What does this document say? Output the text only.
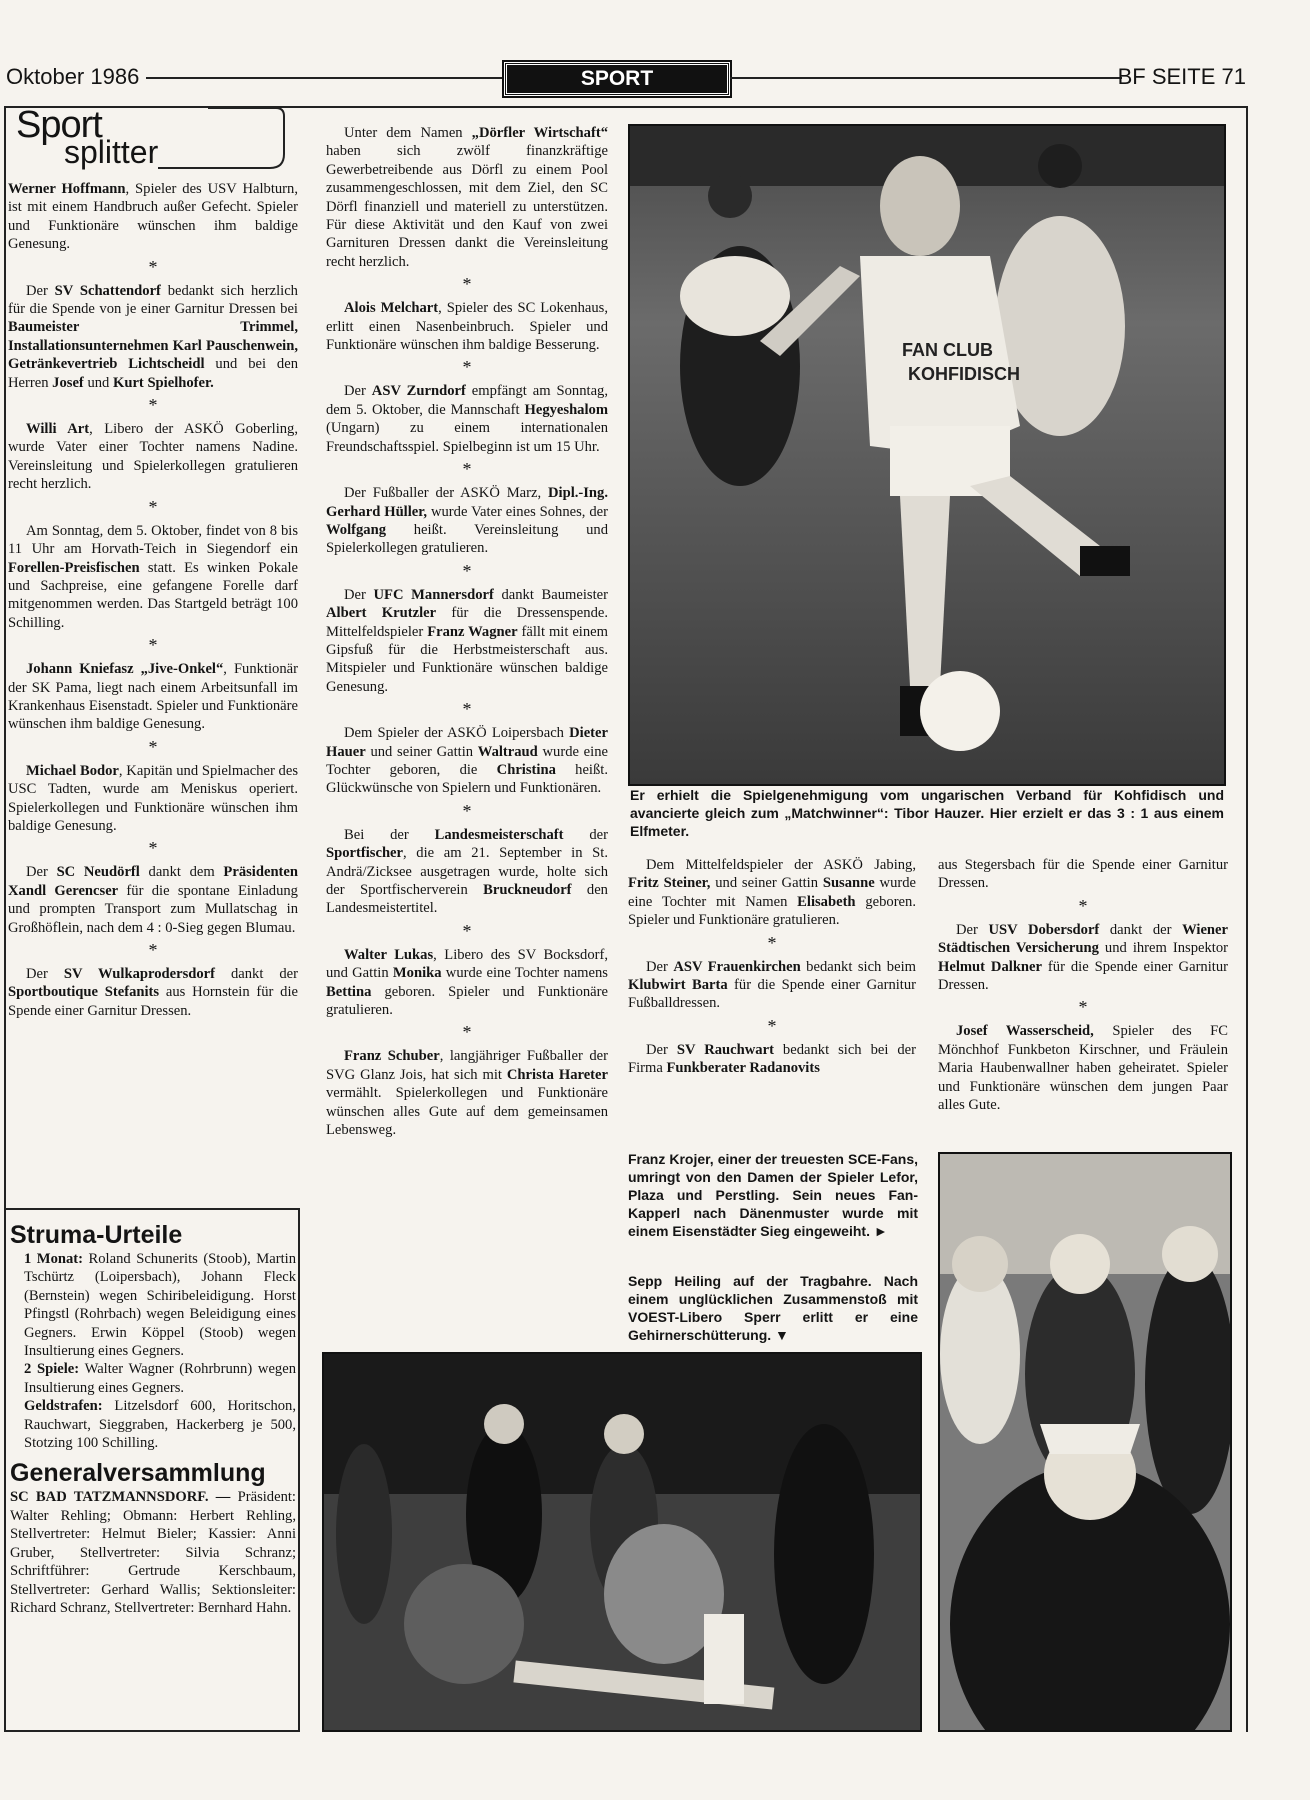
Oktober 1986	SPORT	BF SEITE 71
Sport
splitter

Werner Hoffmann, Spieler des USV Halbturn, ist mit einem Handbruch außer Gefecht. Spieler und Funktionäre wünschen ihm baldige Genesung.

*

Der SV Schattendorf bedankt sich herzlich für die Spende von je einer Garnitur Dressen bei Baumeister Trimmel, Installationsunternehmen Karl Pauschenwein, Getränkevertrieb Lichtscheidl und bei den Herren Josef und Kurt Spielhofer.

*

Willi Art, Libero der ASKÖ Goberling, wurde Vater einer Tochter namens Nadine. Vereinsleitung und Spielerkollegen gratulieren recht herzlich.

*

Am Sonntag, dem 5. Oktober, findet von 8 bis 11 Uhr am Horvath-Teich in Siegendorf ein Forellen-Preisfischen statt. Es winken Pokale und Sachpreise, eine gefangene Forelle darf mitgenommen werden. Das Startgeld beträgt 100 Schilling.

*

Johann Kniefasz „Jive-Onkel“, Funktionär der SK Pama, liegt nach einem Arbeitsunfall im Krankenhaus Eisenstadt. Spieler und Funktionäre wünschen ihm baldige Genesung.

*

Michael Bodor, Kapitän und Spielmacher des USC Tadten, wurde am Meniskus operiert. Spielerkollegen und Funktionäre wünschen ihm baldige Genesung.

*

Der SC Neudörfl dankt dem Präsidenten Xandl Gerencser für die spontane Einladung und prompten Transport zum Mullatschag in Großhöflein, nach dem 4 : 0-Sieg gegen Blumau.

*

Der SV Wulkaprodersdorf dankt der Sportboutique Stefanits aus Hornstein für die Spende einer Garnitur Dressen.

Struma-Urteile
1 Monat: Roland Schunerits (Stoob), Martin Tschürtz (Loipersbach), Johann Fleck (Bernstein) wegen Schiribeleidigung. Horst Pfingstl (Rohrbach) wegen Beleidigung eines Gegners. Erwin Köppel (Stoob) wegen Insultierung eines Gegners.
2 Spiele: Walter Wagner (Rohrbrunn) wegen Insultierung eines Gegners.
Geldstrafen: Litzelsdorf 600, Horitschon, Rauchwart, Sieggraben, Hackerberg je 500, Stotzing 100 Schilling.
Generalversammlung
SC BAD TATZMANNSDORF. — Präsident: Walter Rehling; Obmann: Herbert Rehling, Stellvertreter: Helmut Bieler; Kassier: Anni Gruber, Stellvertreter: Silvia Schranz; Schriftführer: Gertrude Kerschbaum, Stellvertreter: Gerhard Wallis; Sektionsleiter: Richard Schranz, Stellvertreter: Bernhard Hahn.

Unter dem Namen „Dörfler Wirtschaft“ haben sich zwölf finanzkräftige Gewerbetreibende aus Dörfl zu einem Pool zusammengeschlossen, mit dem Ziel, den SC Dörfl finanziell und materiell zu unterstützen. Für diese Aktivität und den Kauf von zwei Garnituren Dressen dankt die Vereinsleitung recht herzlich.

*

Alois Melchart, Spieler des SC Lokenhaus, erlitt einen Nasenbeinbruch. Spieler und Funktionäre wünschen ihm baldige Besserung.

*

Der ASV Zurndorf empfängt am Sonntag, dem 5. Oktober, die Mannschaft Hegyeshalom (Ungarn) zu einem internationalen Freundschaftsspiel. Spielbeginn ist um 15 Uhr.

*

Der Fußballer der ASKÖ Marz, Dipl.-Ing. Gerhard Hüller, wurde Vater eines Sohnes, der Wolfgang heißt. Vereinsleitung und Spielerkollegen gratulieren.

*

Der UFC Mannersdorf dankt Baumeister Albert Krutzler für die Dressenspende. Mittelfeldspieler Franz Wagner fällt mit einem Gipsfuß für die Herbstmeisterschaft aus. Mitspieler und Funktionäre wünschen baldige Genesung.

*

Dem Spieler der ASKÖ Loipersbach Dieter Hauer und seiner Gattin Waltraud wurde eine Tochter geboren, die Christina heißt. Glückwünsche von Spielern und Funktionären.

*

Bei der Landesmeisterschaft der Sportfischer, die am 21. September in St. Andrä/Zicksee ausgetragen wurde, holte sich der Sportfischerverein Bruckneudorf den Landesmeistertitel.

*

Walter Lukas, Libero des SV Bocksdorf, und Gattin Monika wurde eine Tochter namens Bettina geboren. Spieler und Funktionäre gratulieren.

*

Franz Schuber, langjähriger Fußballer der SVG Glanz Jois, hat sich mit Christa Hareter vermählt. Spielerkollegen und Funktionäre wünschen alles Gute auf dem gemeinsamen Lebensweg.

FAN CLUB KOHFIDISCH
Er erhielt die Spielgenehmigung vom ungarischen Verband für Kohfidisch und avancierte gleich zum „Matchwinner“: Tibor Hauzer. Hier erzielt er das 3 : 1 aus einem Elfmeter.

Dem Mittelfeldspieler der ASKÖ Jabing, Fritz Steiner, und seiner Gattin Susanne wurde eine Tochter mit Namen Elisabeth geboren. Spieler und Funktionäre gratulieren.

*

Der ASV Frauenkirchen bedankt sich beim Klubwirt Barta für die Spende einer Garnitur Fußballdressen.

*

Der SV Rauchwart bedankt sich bei der Firma Funkberater Radanovits

Franz Krojer, einer der treuesten SCE-Fans, umringt von den Damen der Spieler Lefor, Plaza und Perstling. Sein neues Fan-Kapperl nach Dänenmuster wurde mit einem Eisenstädter Sieg eingeweiht. ►
Sepp Heiling auf der Tragbahre. Nach einem unglücklichen Zusammenstoß mit VOEST-Libero Sperr erlitt er eine Gehirnerschütterung. ▼

aus Stegersbach für die Spende einer Garnitur Dressen.

*

Der USV Dobersdorf dankt der Wiener Städtischen Versicherung und ihrem Inspektor Helmut Dalkner für die Spende einer Garnitur Dressen.

*

Josef Wasserscheid, Spieler des FC Mönchhof Funkbeton Kirschner, und Fräulein Maria Haubenwallner haben geheiratet. Spieler und Funktionäre wünschen dem jungen Paar alles Gute.
